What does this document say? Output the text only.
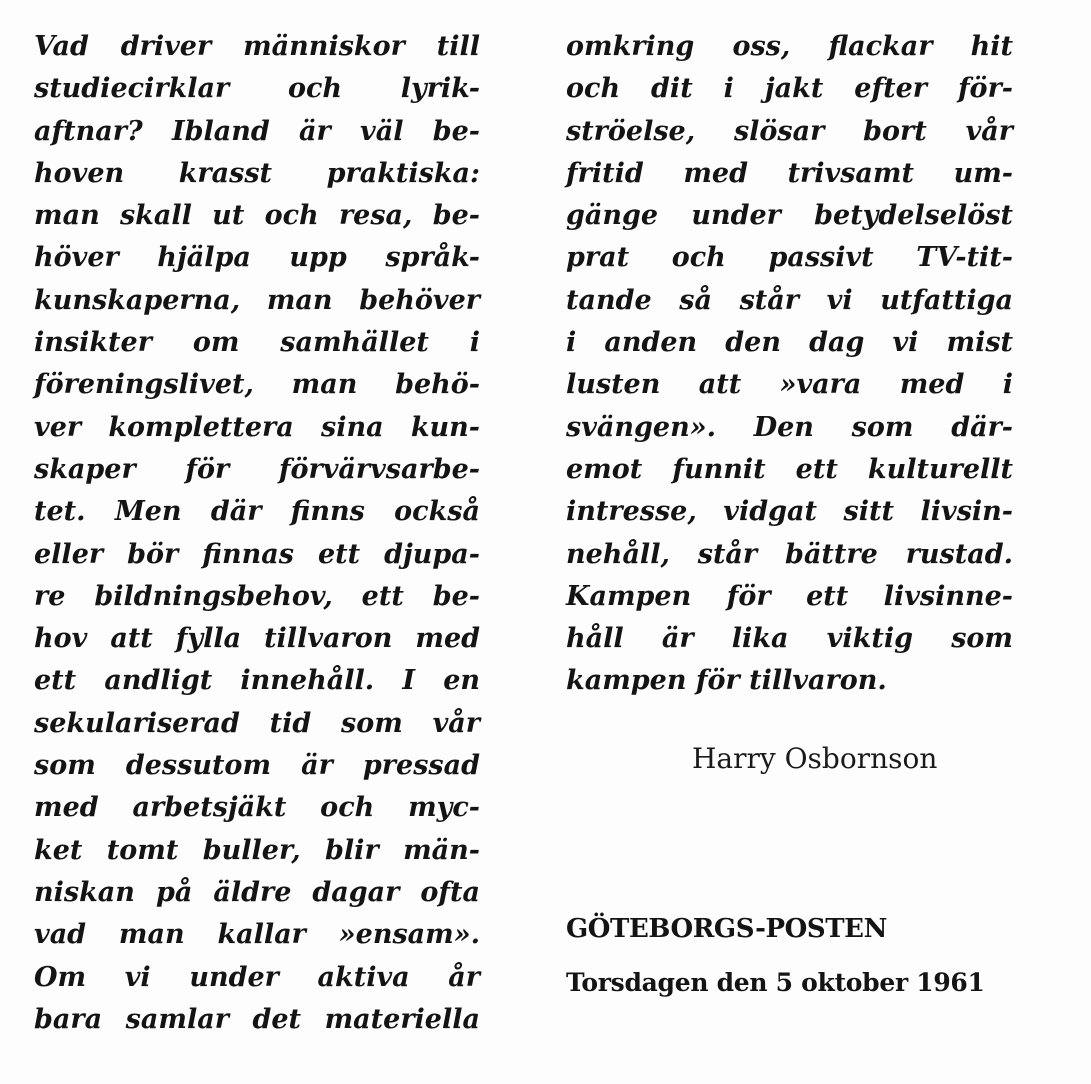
Vad driver människor till
studiecirklar och lyrik-
aftnar? Ibland är väl be-
hoven krasst praktiska:
man skall ut och resa, be-
höver hjälpa upp språk-
kunskaperna, man behöver
insikter om samhället i
föreningslivet, man behö-
ver komplettera sina kun-
skaper för förvärvsarbe-
tet. Men där finns också
eller bör finnas ett djupa-
re bildningsbehov, ett be-
hov att fylla tillvaron med
ett andligt innehåll. I en
sekulariserad tid som vår
som dessutom är pressad
med arbetsjäkt och myc-
ket tomt buller, blir män-
niskan på äldre dagar ofta
vad man kallar »ensam».
Om vi under aktiva år
bara samlar det materiella
omkring oss, flackar hit
och dit i jakt efter för-
ströelse, slösar bort vår
fritid med trivsamt um-
gänge under betydelselöst
prat och passivt TV-tit-
tande så står vi utfattiga
i anden den dag vi mist
lusten att »vara med i
svängen». Den som där-
emot funnit ett kulturellt
intresse, vidgat sitt livsin-
nehåll, står bättre rustad.
Kampen för ett livsinne-
håll är lika viktig som
kampen för tillvaron.
Harry Osbornson
GÖTEBORGS-POSTEN
Torsdagen den 5 oktober 1961
